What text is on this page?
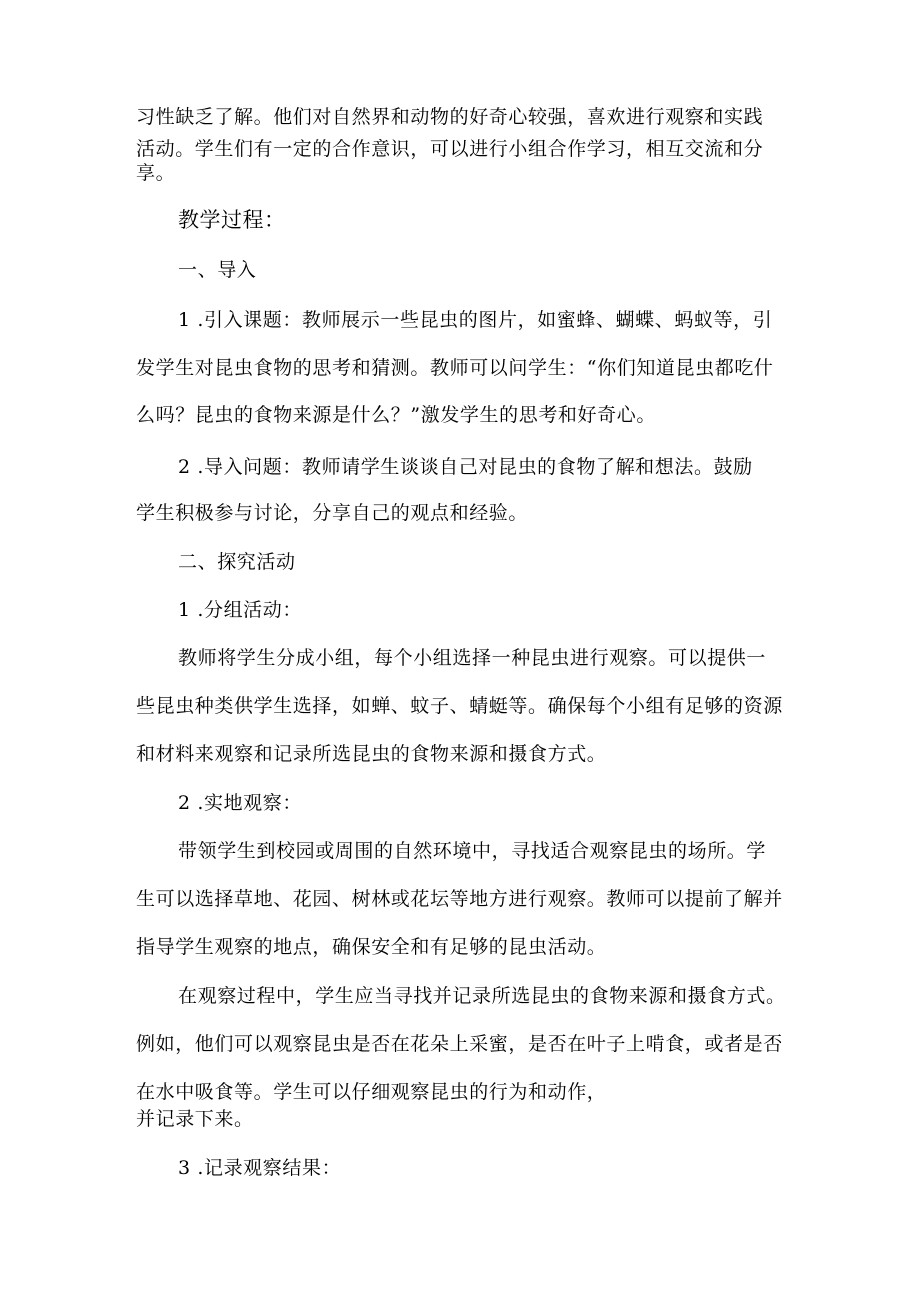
习性缺乏了解。他们对自然界和动物的好奇心较强，喜欢进行观察和实践
活动。学生们有一定的合作意识，可以进行小组合作学习，相互交流和分
享。
教学过程：
一、导入
1 .引入课题：教师展示一些昆虫的图片，如蜜蜂、蝴蝶、蚂蚁等，引
发学生对昆虫食物的思考和猜测。教师可以问学生：“你们知道昆虫都吃什
么吗？昆虫的食物来源是什么？”激发学生的思考和好奇心。
2 .导入问题：教师请学生谈谈自己对昆虫的食物了解和想法。鼓励
学生积极参与讨论，分享自己的观点和经验。
二、探究活动
1 .分组活动：
教师将学生分成小组，每个小组选择一种昆虫进行观察。可以提供一
些昆虫种类供学生选择，如蝉、蚊子、蜻蜓等。确保每个小组有足够的资源
和材料来观察和记录所选昆虫的食物来源和摄食方式。
2 .实地观察：
带领学生到校园或周围的自然环境中，寻找适合观察昆虫的场所。学
生可以选择草地、花园、树林或花坛等地方进行观察。教师可以提前了解并
指导学生观察的地点，确保安全和有足够的昆虫活动。
在观察过程中，学生应当寻找并记录所选昆虫的食物来源和摄食方式。
例如，他们可以观察昆虫是否在花朵上采蜜，是否在叶子上啃食，或者是否
在水中吸食等。学生可以仔细观察昆虫的行为和动作，
并记录下来。
3 .记录观察结果：
